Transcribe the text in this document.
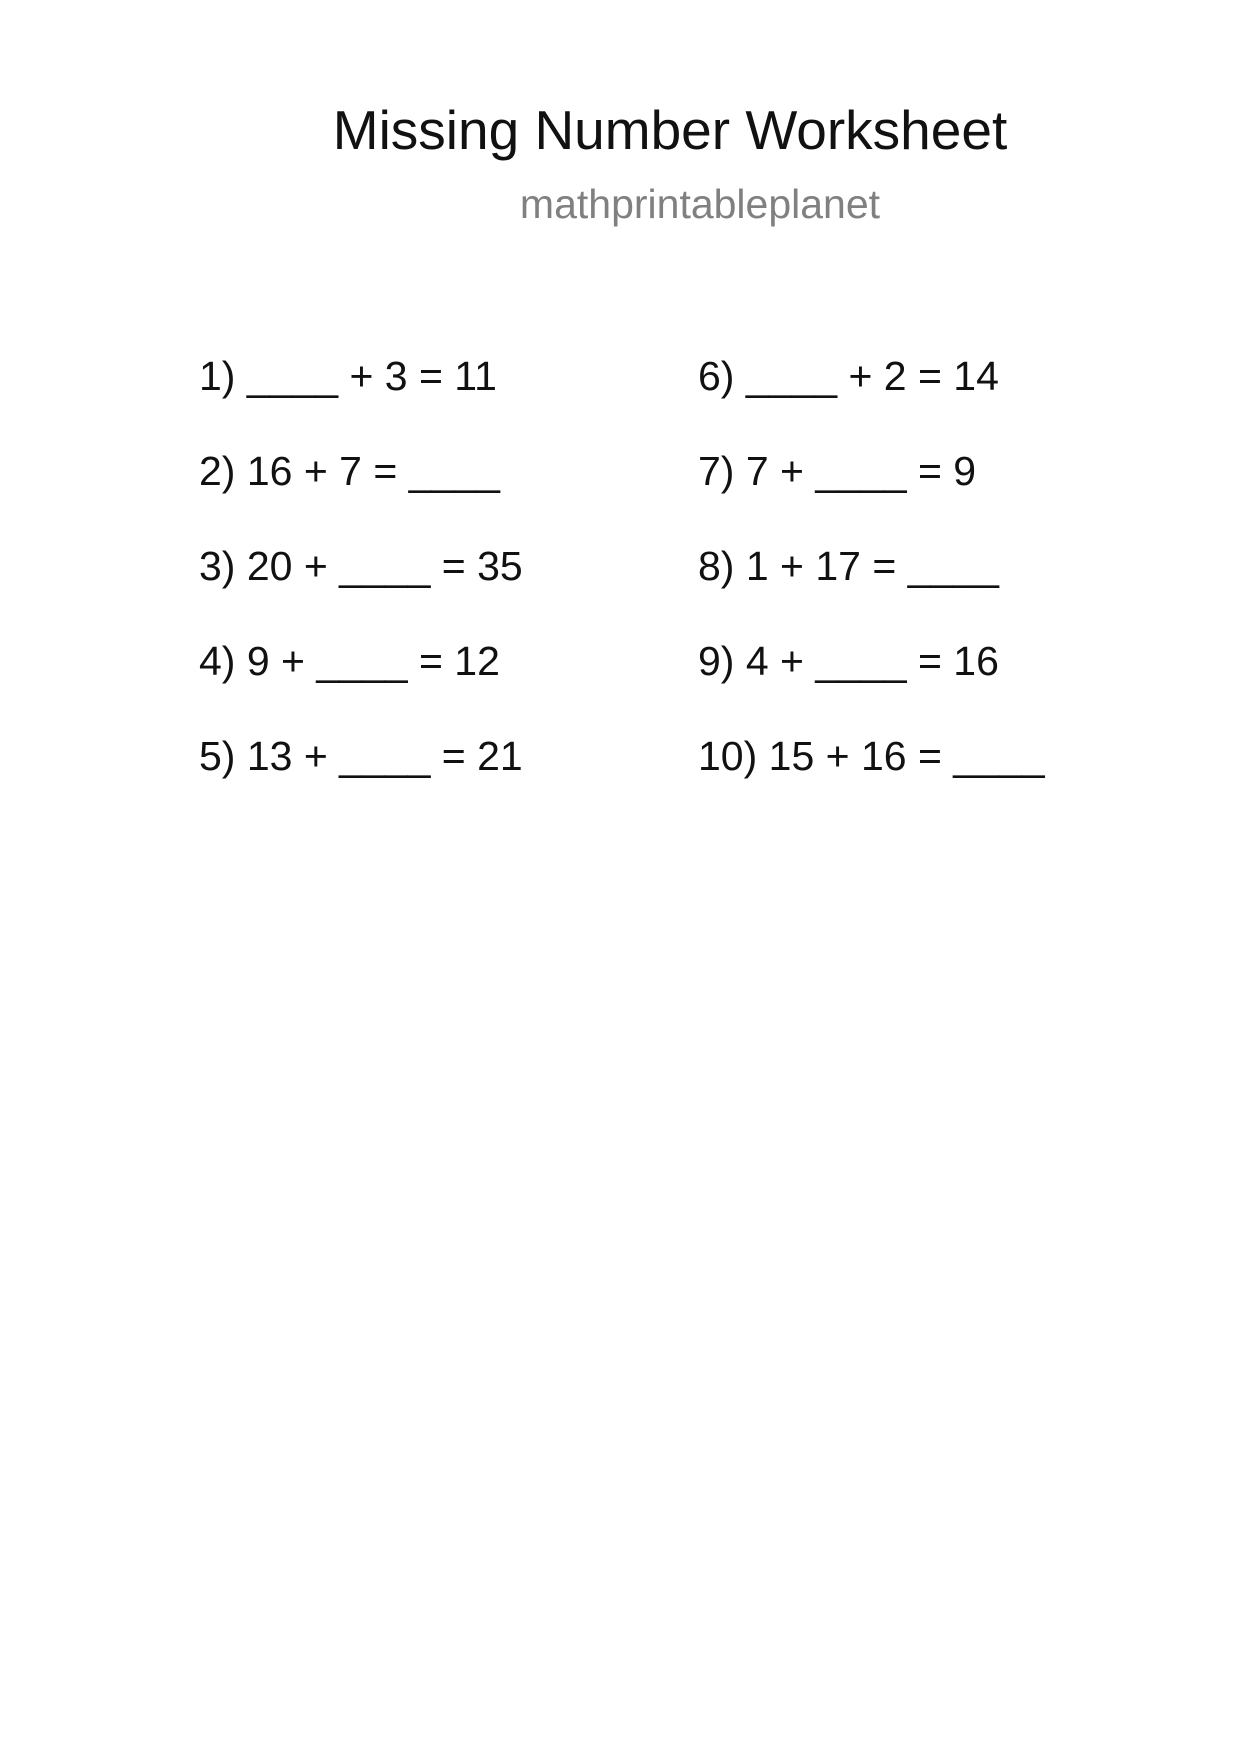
Missing Number Worksheet
mathprintableplanet
1) ____ + 3 = 11
2) 16 + 7 = ____
3) 20 + ____ = 35
4) 9 + ____ = 12
5) 13 + ____ = 21
6) ____ + 2 = 14
7) 7 + ____ = 9
8) 1 + 17 = ____
9) 4 + ____ = 16
10) 15 + 16 = ____
